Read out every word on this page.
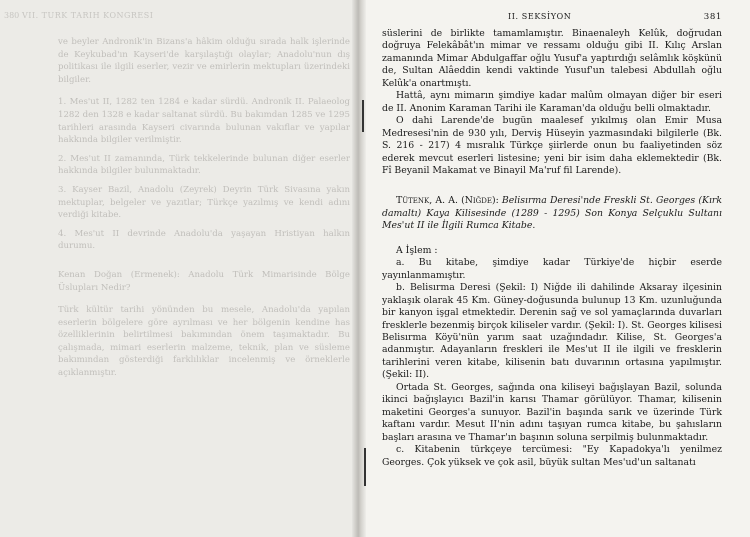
380 VII. TÜRK TARİH KONGRESİ

ve beyler Andronik'in Bizans'a hâkim olduğu sırada halk işlerinde de Keykubad'ın Kayseri'de karşılaştığı olaylar; Anadolu'nun dış politikası ile ilgili eserler, vezir ve emirlerin mektupları üzerindeki bilgiler.

1. Mes'ut II, 1282 ten 1284 e kadar sürdü. Andronik II. Palaeolog 1282 den 1328 e kadar saltanat sürdü. Bu bakımdan 1285 ve 1295 tarihleri arasında Kayseri civarında bulunan vakıflar ve yapılar hakkında bilgiler verilmiştir.

2. Mes'ut II zamanında, Türk tekkelerinde bulunan diğer eserler hakkında bilgiler bulunmaktadır.

3. Kayser Bazil, Anadolu (Zeyrek) Deyrin Türk Sivasına yakın mektuplar, belgeler ve yazıtlar; Türkçe yazılmış ve kendi adını verdiği kitabe.

4. Mes'ut II devrinde Anadolu'da yaşayan Hristiyan halkın durumu.

Kenan Doğan (Ermenek): Anadolu Türk Mimarisinde Bölge Üslupları Nedir?

Türk kültür tarihi yönünden bu mesele, Anadolu'da yapılan eserlerin bölgelere göre ayrılması ve her bölgenin kendine has özelliklerinin belirtilmesi bakımından önem taşımaktadır. Bu çalışmada, mimari eserlerin malzeme, teknik, plan ve süsleme bakımından gösterdiği farklılıklar incelenmiş ve örneklerle açıklanmıştır.

II. SEKSİYON	381

süslerini de birlikte tamamlamıştır. Binaenaleyh Kelûk, doğrudan doğruya Felekâbât'ın mimar ve ressamı olduğu gibi II. Kılıç Arslan zamanında Mimar Abdulgaffar oğlu Yusuf'a yaptırdığı selâmlık köşkünü de, Sultan Alâeddin kendi vaktinde Yusuf'un talebesi Abdullah oğlu Kelûk'a onartmıştı.

Hattâ, aynı mimarın şimdiye kadar malûm olmayan diğer bir eseri de II. Anonim Karaman Tarihi ile Karaman'da olduğu belli olmaktadır.

O dahi Larende'de bugün maalesef yıkılmış olan Emir Musa Medresesi'nin de 930 yılı, Derviş Hüseyin yazmasındaki bilgilerle (Bk. S. 216 - 217) 4 mısralık Türkçe şiirlerde onun bu faaliyetinden söz ederek mevcut eserleri listesine; yeni bir isim daha eklemektedir (Bk. Fî Beyanil Makamat ve Binayil Ma'ruf fil Larende).

Tütenk, A. A. (Niğde): Belisırma Deresi'nde Freskli St. Georges (Kırk damaltı) Kaya Kilisesinde (1289 - 1295) Son Konya Selçuklu Sultanı Mes'ut II ile İlgili Rumca Kitabe.

A İşlem :

a. Bu kitabe, şimdiye kadar Türkiye'de hiçbir eserde yayınlanmamıştır.

b. Belisırma Deresi (Şekil: I) Niğde ili dahilinde Aksaray ilçesinin yaklaşık olarak 45 Km. Güney-doğusunda bulunup 13 Km. uzunluğunda bir kanyon işgal etmektedir. Derenin sağ ve sol yamaçlarında duvarları fresklerle bezenmiş birçok kiliseler vardır. (Şekil: I). St. Georges kilisesi Belisırma Köyü'nün yarım saat uzağındadır. Kilise, St. Georges'a adanmıştır. Adayanların freskleri ile Mes'ut II ile ilgili ve fresklerin tarihlerini veren kitabe, kilisenin batı duvarının ortasına yapılmıştır. (Şekil: II).

Ortada St. Georges, sağında ona kiliseyi bağışlayan Bazil, solunda ikinci bağışlayıcı Bazil'in karısı Thamar görülüyor. Thamar, kilisenin maketini Georges'a sunuyor. Bazil'in başında sarık ve üzerinde Türk kaftanı vardır. Mesut II'nin adını taşıyan rumca kitabe, bu şahısların başları arasına ve Thamar'ın başının soluna serpilmiş bulunmaktadır.

c. Kitabenin türkçeye tercümesi: "Ey Kapadokya'lı yenilmez Georges. Çok yüksek ve çok asil, büyük sultan Mes'ud'un saltanatı
